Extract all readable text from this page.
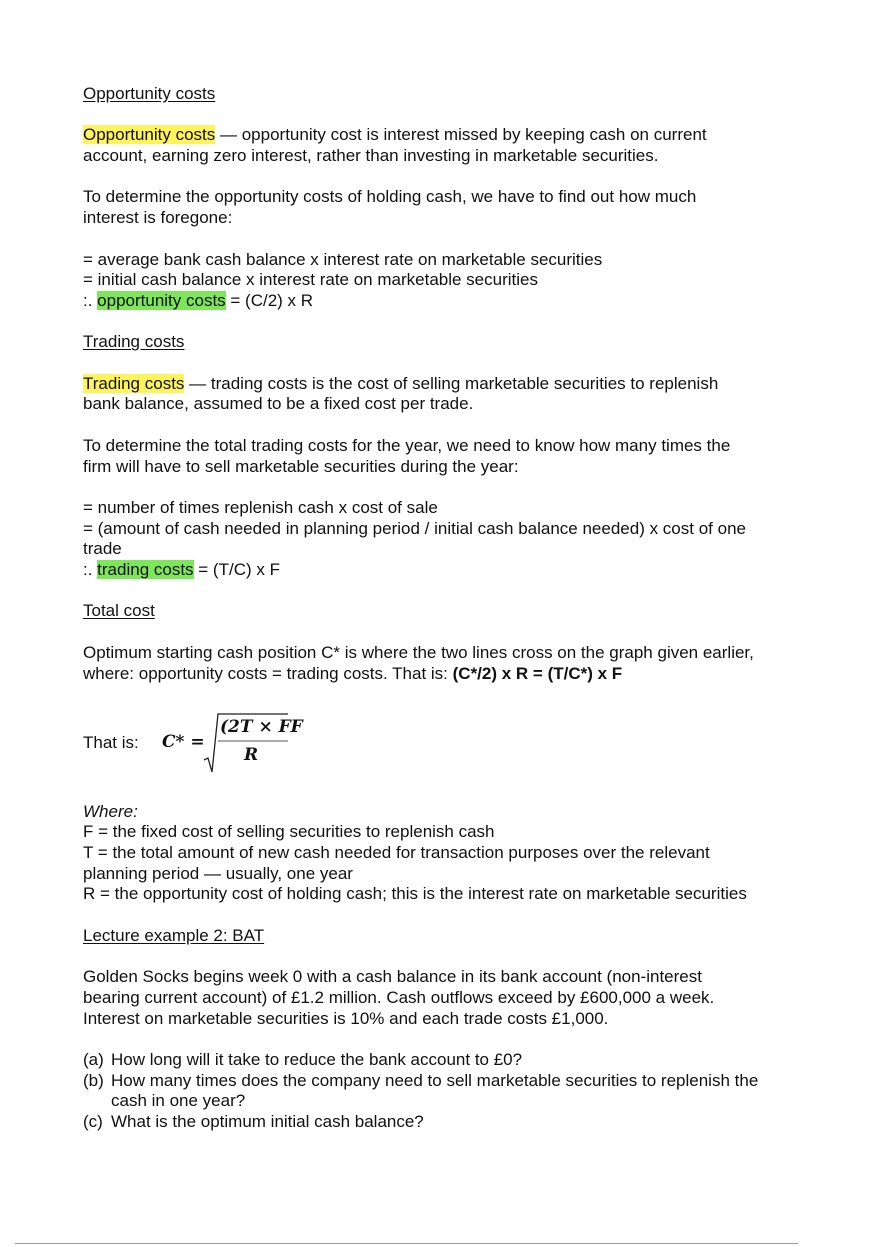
Opportunity costs
Opportunity costs — opportunity cost is interest missed by keeping cash on current
account, earning zero interest, rather than investing in marketable securities.
To determine the opportunity costs of holding cash, we have to find out how much
interest is foregone:
= average bank cash balance x interest rate on marketable securities
= initial cash balance x interest rate on marketable securities
:. opportunity costs = (C/2) x R
Trading costs
Trading costs — trading costs is the cost of selling marketable securities to replenish
bank balance, assumed to be a fixed cost per trade.
To determine the total trading costs for the year, we need to know how many times the
firm will have to sell marketable securities during the year:
= number of times replenish cash x cost of sale
= (amount of cash needed in planning period / initial cash balance needed) x cost of one
trade
:. trading costs = (T/C) x F
Total cost
Optimum starting cash position C* is where the two lines cross on the graph given earlier,
where: opportunity costs = trading costs. That is: (C*/2) x R = (T/C*) x F
That is:	C* =
(2T × FF
R
Where:
F = the fixed cost of selling securities to replenish cash
T = the total amount of new cash needed for transaction purposes over the relevant
planning period — usually, one year
R = the opportunity cost of holding cash; this is the interest rate on marketable securities
Lecture example 2: BAT
Golden Socks begins week 0 with a cash balance in its bank account (non-interest
bearing current account) of £1.2 million. Cash outflows exceed by £600,000 a week.
Interest on marketable securities is 10% and each trade costs £1,000.
(a) How long will it take to reduce the bank account to £0?
(b) How many times does the company need to sell marketable securities to replenish the
cash in one year?
(c) What is the optimum initial cash balance?
